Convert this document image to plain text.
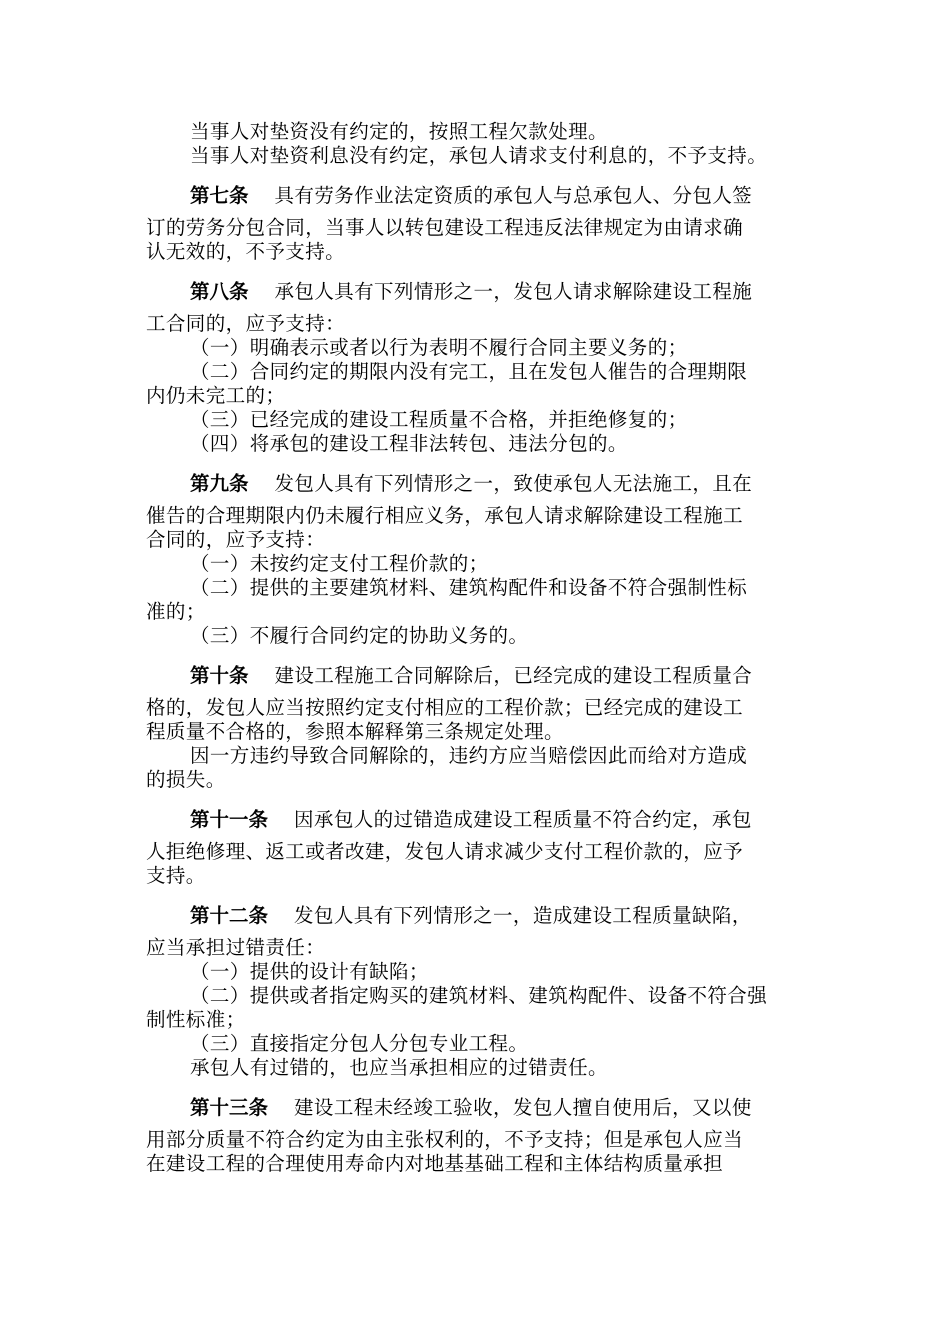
当事人对垫资没有约定的，按照工程欠款处理。
当事人对垫资利息没有约定，承包人请求支付利息的，不予支持。
第七条 具有劳务作业法定资质的承包人与总承包人、分包人签
订的劳务分包合同，当事人以转包建设工程违反法律规定为由请求确
认无效的，不予支持。
第八条 承包人具有下列情形之一，发包人请求解除建设工程施
工合同的，应予支持：
（一）明确表示或者以行为表明不履行合同主要义务的；
（二）合同约定的期限内没有完工，且在发包人催告的合理期限
内仍未完工的；
（三）已经完成的建设工程质量不合格，并拒绝修复的；
（四）将承包的建设工程非法转包、违法分包的。
第九条 发包人具有下列情形之一，致使承包人无法施工，且在
催告的合理期限内仍未履行相应义务，承包人请求解除建设工程施工
合同的，应予支持：
（一）未按约定支付工程价款的；
（二）提供的主要建筑材料、建筑构配件和设备不符合强制性标
准的；
（三）不履行合同约定的协助义务的。
第十条 建设工程施工合同解除后，已经完成的建设工程质量合
格的，发包人应当按照约定支付相应的工程价款；已经完成的建设工
程质量不合格的，参照本解释第三条规定处理。
因一方违约导致合同解除的，违约方应当赔偿因此而给对方造成
的损失。
第十一条 因承包人的过错造成建设工程质量不符合约定，承包
人拒绝修理、返工或者改建，发包人请求减少支付工程价款的，应予
支持。
第十二条 发包人具有下列情形之一，造成建设工程质量缺陷，
应当承担过错责任：
（一）提供的设计有缺陷；
（二）提供或者指定购买的建筑材料、建筑构配件、设备不符合强
制性标准；
（三）直接指定分包人分包专业工程。
承包人有过错的，也应当承担相应的过错责任。
第十三条 建设工程未经竣工验收，发包人擅自使用后，又以使
用部分质量不符合约定为由主张权利的，不予支持；但是承包人应当
在建设工程的合理使用寿命内对地基基础工程和主体结构质量承担
